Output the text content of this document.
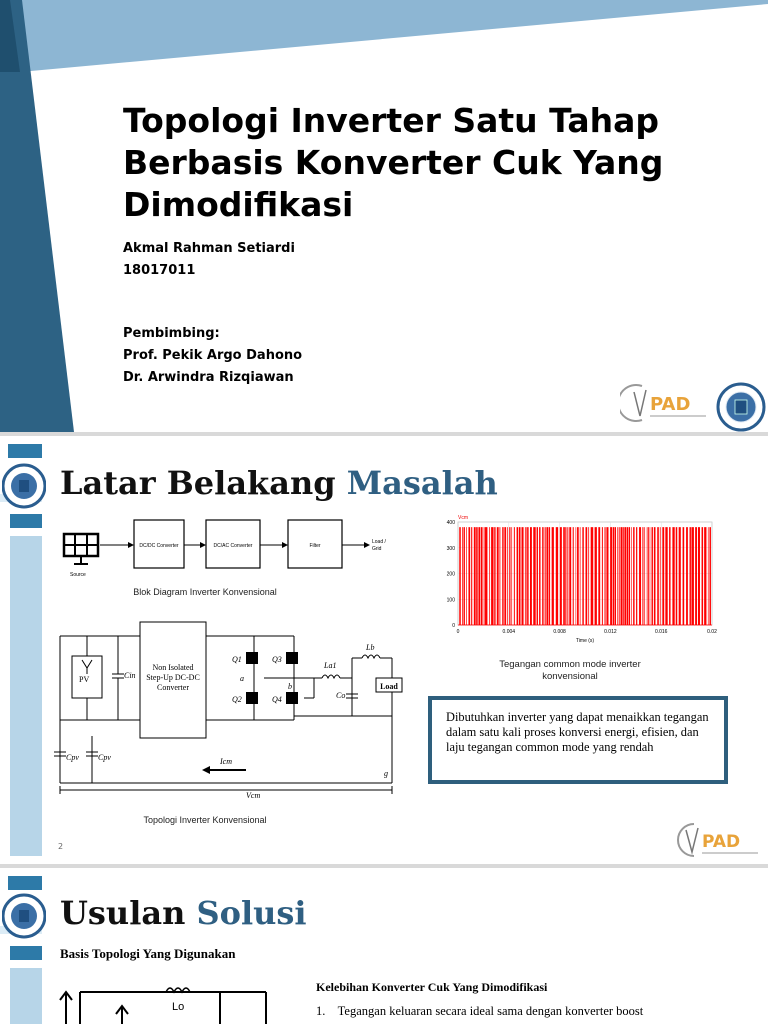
Topologi Inverter Satu Tahap Berbasis Konverter Cuk Yang Dimodifikasi
Akmal Rahman Setiardi
18017011
Pembimbing:
Prof. Pekik Argo Dahono
Dr. Arwindra Rizqiawan
PAD
Latar Belakang Masalah
Source
DC/DC Converter	DC/AC Converter	Filter
Load /
Grid
Blok Diagram Inverter Konvensional
PV	Cin
Non Isolated
Step-Up DC-DC
Converter
Q1	Q3
Q2	Q4
a
b
g
La1
Lb
Co
Load
Cpv Cpv	Icm
Vcm
Topologi Inverter Konvensional
Vcm
0
100
200
300
400
0	0.004	0.008	0.012	0.016	0.02
Time (s)
Tegangan common mode inverter
konvensional
Dibutuhkan inverter yang dapat menaikkan tegangan dalam satu kali proses konversi energi, efisien, dan laju tegangan common mode yang rendah
2	PAD
Usulan Solusi
Basis Topologi Yang Digunakan
Lo
Kelebihan Konverter Cuk Yang Dimodifikasi
1.    Tegangan keluaran secara ideal sama dengan konverter boost
